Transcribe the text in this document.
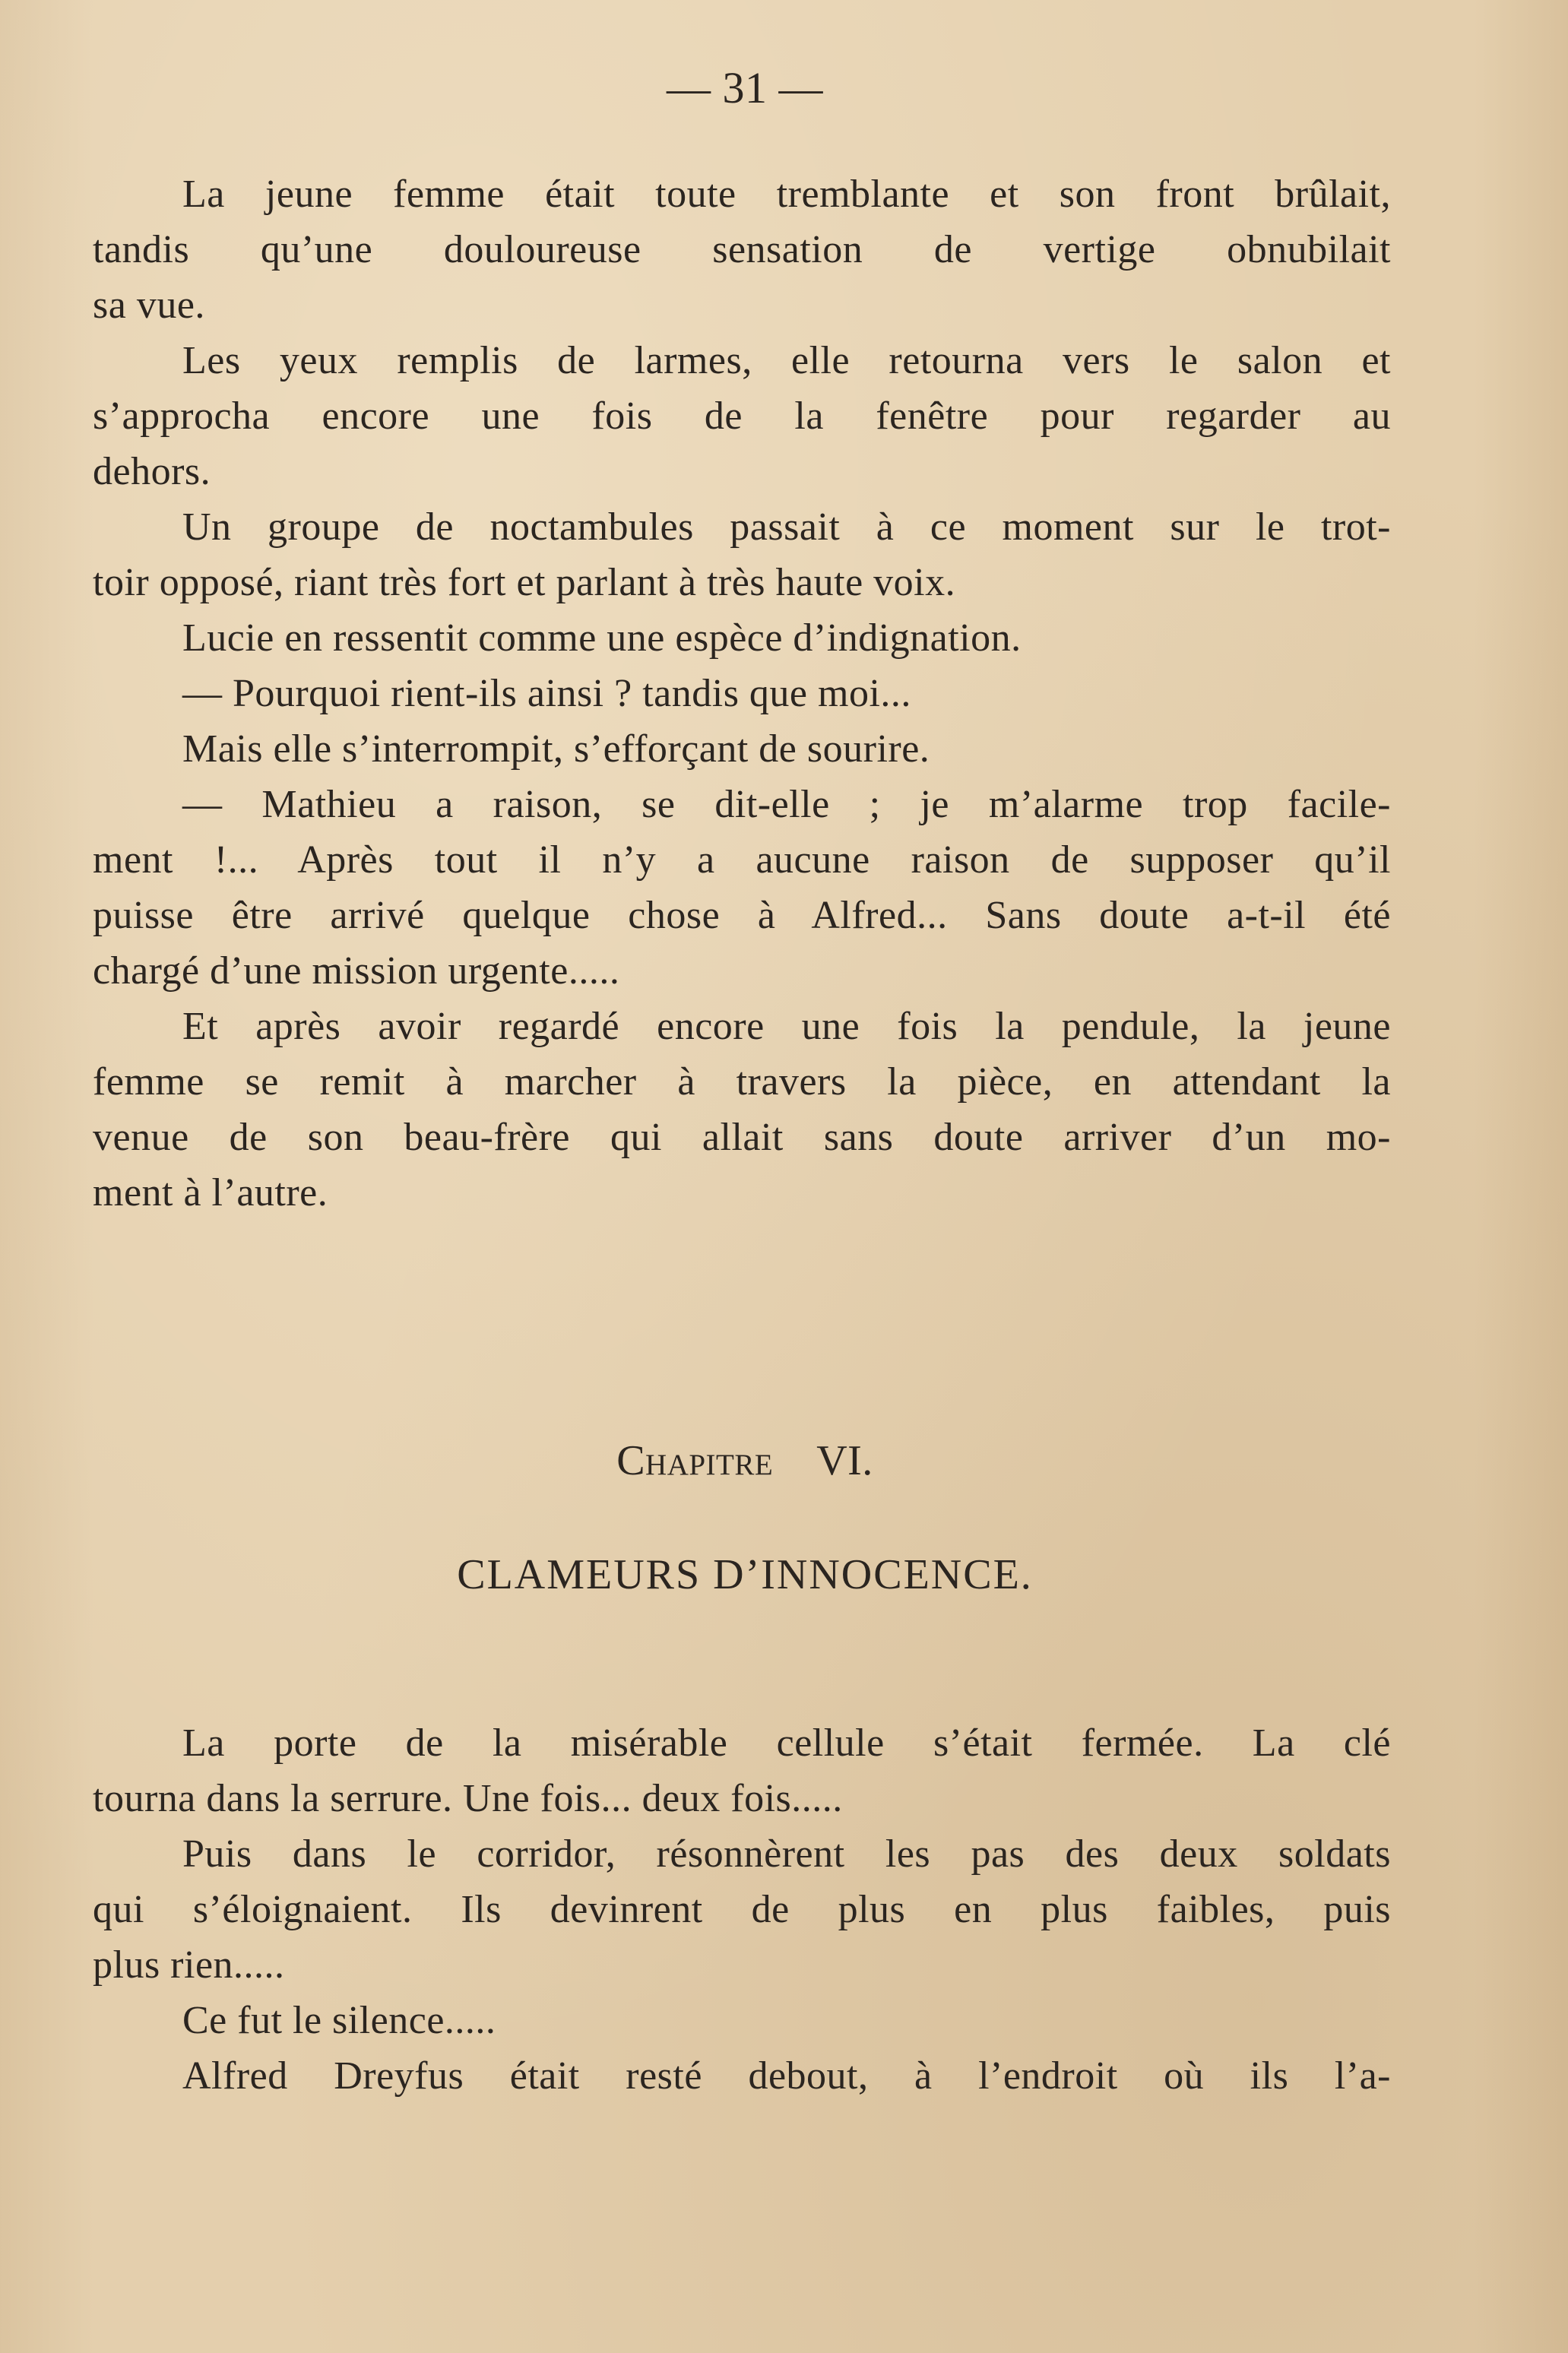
— 31 —
La jeune femme était toute tremblante et son front brûlait,
tandis qu’une douloureuse sensation de vertige obnubilait
sa vue.
Les yeux remplis de larmes, elle retourna vers le salon et
s’approcha encore une fois de la fenêtre pour regarder au
dehors.
Un groupe de noctambules passait à ce moment sur le trot-
toir opposé, riant très fort et parlant à très haute voix.
Lucie en ressentit comme une espèce d’indignation.
— Pourquoi rient-ils ainsi ? tandis que moi...
Mais elle s’interrompit, s’efforçant de sourire.
— Mathieu a raison, se dit-elle ; je m’alarme trop facile-
ment !... Après tout il n’y a aucune raison de supposer qu’il
puisse être arrivé quelque chose à Alfred... Sans doute a-t-il été
chargé d’une mission urgente.....
Et après avoir regardé encore une fois la pendule, la jeune
femme se remit à marcher à travers la pièce, en attendant la
venue de son beau-frère qui allait sans doute arriver d’un mo-
ment à l’autre.
Chapitre VI.
CLAMEURS D’INNOCENCE.
La porte de la misérable cellule s’était fermée. La clé
tourna dans la serrure. Une fois... deux fois.....
Puis dans le corridor, résonnèrent les pas des deux soldats
qui s’éloignaient. Ils devinrent de plus en plus faibles, puis
plus rien.....
Ce fut le silence.....
Alfred Dreyfus était resté debout, à l’endroit où ils l’a-
